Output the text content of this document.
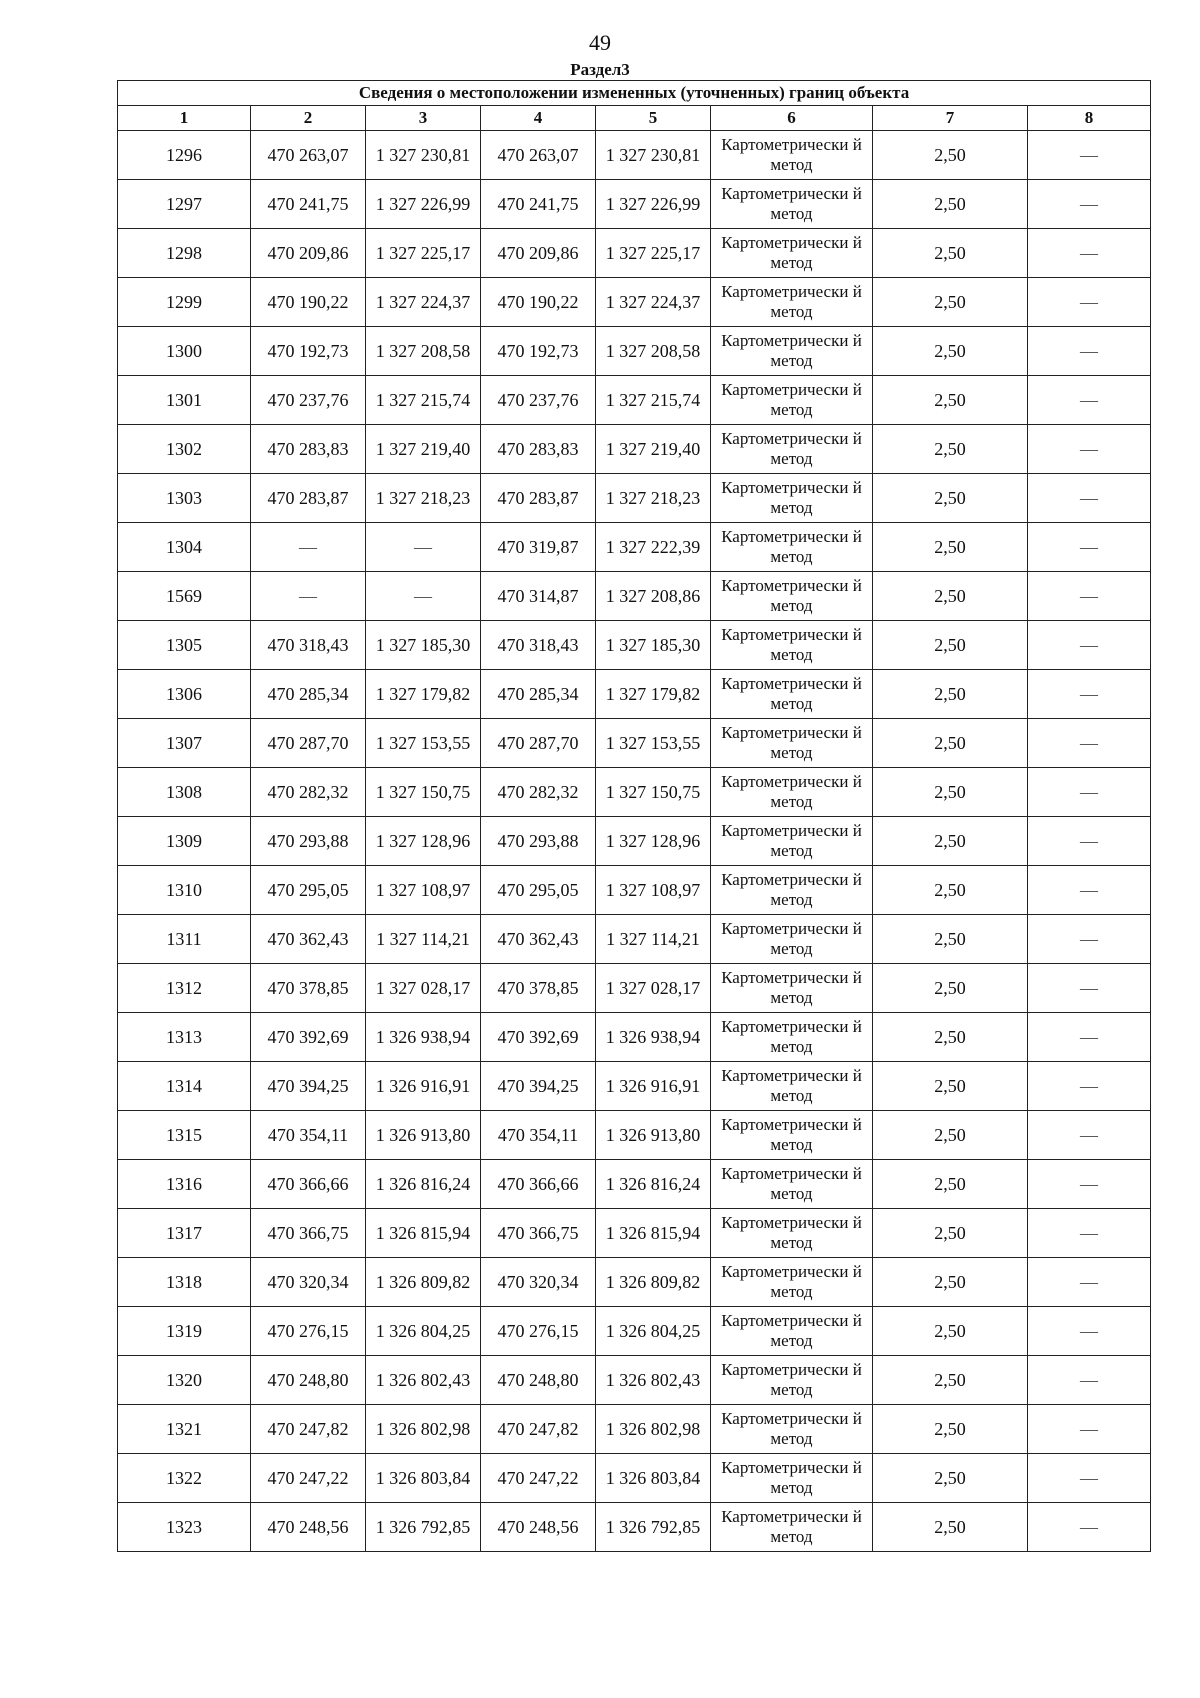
49
Раздел3
Сведения о местоположении измененных (уточненных) границ объекта							
1	2	3	4	5	6	7	8
1296	470 263,07	1 327 230,81	470 263,07	1 327 230,81	Картометрически й метод	2,50	—
1297	470 241,75	1 327 226,99	470 241,75	1 327 226,99	Картометрически й метод	2,50	—
1298	470 209,86	1 327 225,17	470 209,86	1 327 225,17	Картометрически й метод	2,50	—
1299	470 190,22	1 327 224,37	470 190,22	1 327 224,37	Картометрически й метод	2,50	—
1300	470 192,73	1 327 208,58	470 192,73	1 327 208,58	Картометрически й метод	2,50	—
1301	470 237,76	1 327 215,74	470 237,76	1 327 215,74	Картометрически й метод	2,50	—
1302	470 283,83	1 327 219,40	470 283,83	1 327 219,40	Картометрически й метод	2,50	—
1303	470 283,87	1 327 218,23	470 283,87	1 327 218,23	Картометрически й метод	2,50	—
1304	—	—	470 319,87	1 327 222,39	Картометрически й метод	2,50	—
1569	—	—	470 314,87	1 327 208,86	Картометрически й метод	2,50	—
1305	470 318,43	1 327 185,30	470 318,43	1 327 185,30	Картометрически й метод	2,50	—
1306	470 285,34	1 327 179,82	470 285,34	1 327 179,82	Картометрически й метод	2,50	—
1307	470 287,70	1 327 153,55	470 287,70	1 327 153,55	Картометрически й метод	2,50	—
1308	470 282,32	1 327 150,75	470 282,32	1 327 150,75	Картометрически й метод	2,50	—
1309	470 293,88	1 327 128,96	470 293,88	1 327 128,96	Картометрически й метод	2,50	—
1310	470 295,05	1 327 108,97	470 295,05	1 327 108,97	Картометрически й метод	2,50	—
1311	470 362,43	1 327 114,21	470 362,43	1 327 114,21	Картометрически й метод	2,50	—
1312	470 378,85	1 327 028,17	470 378,85	1 327 028,17	Картометрически й метод	2,50	—
1313	470 392,69	1 326 938,94	470 392,69	1 326 938,94	Картометрически й метод	2,50	—
1314	470 394,25	1 326 916,91	470 394,25	1 326 916,91	Картометрически й метод	2,50	—
1315	470 354,11	1 326 913,80	470 354,11	1 326 913,80	Картометрически й метод	2,50	—
1316	470 366,66	1 326 816,24	470 366,66	1 326 816,24	Картометрически й метод	2,50	—
1317	470 366,75	1 326 815,94	470 366,75	1 326 815,94	Картометрически й метод	2,50	—
1318	470 320,34	1 326 809,82	470 320,34	1 326 809,82	Картометрически й метод	2,50	—
1319	470 276,15	1 326 804,25	470 276,15	1 326 804,25	Картометрически й метод	2,50	—
1320	470 248,80	1 326 802,43	470 248,80	1 326 802,43	Картометрически й метод	2,50	—
1321	470 247,82	1 326 802,98	470 247,82	1 326 802,98	Картометрически й метод	2,50	—
1322	470 247,22	1 326 803,84	470 247,22	1 326 803,84	Картометрически й метод	2,50	—
1323	470 248,56	1 326 792,85	470 248,56	1 326 792,85	Картометрически й метод	2,50	—
